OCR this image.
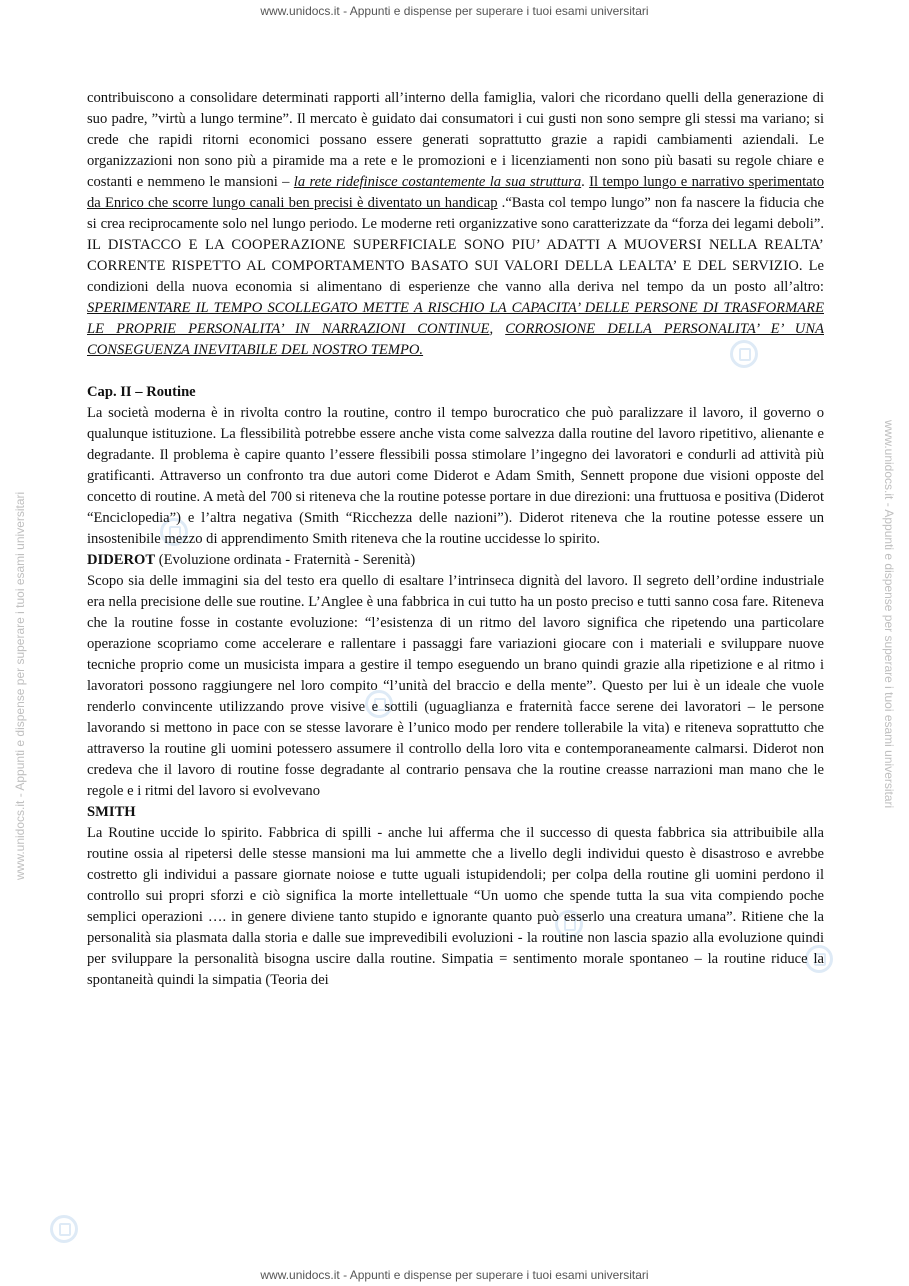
www.unidocs.it - Appunti e dispense per superare i tuoi esami universitari
www.unidocs.it - Appunti e dispense per superare i tuoi esami universitari	www.unidocs.it - Appunti e dispense per superare i tuoi esami universitari

contribuiscono a consolidare determinati rapporti all’interno della famiglia, valori che ricordano quelli della generazione di suo padre, ”virtù a lungo termine”. Il mercato è guidato dai consumatori i cui gusti non sono sempre gli stessi ma variano; si crede che rapidi ritorni economici possano essere generati soprattutto grazie a rapidi cambiamenti aziendali. Le organizzazioni non sono più a piramide ma a rete e le promozioni e i licenziamenti non sono più basati su regole chiare e costanti e nemmeno le mansioni – la rete ridefinisce costantemente la sua struttura. Il tempo lungo e narrativo sperimentato da Enrico che scorre lungo canali ben precisi è diventato un handicap .“Basta col tempo lungo” non fa nascere la fiducia che si crea reciprocamente solo nel lungo periodo. Le moderne reti organizzative sono caratterizzate da “forza dei legami deboli”. IL DISTACCO E LA COOPERAZIONE SUPERFICIALE SONO PIU’ ADATTI A MUOVERSI NELLA REALTA’ CORRENTE RISPETTO AL COMPORTAMENTO BASATO SUI VALORI DELLA LEALTA’ E DEL SERVIZIO. Le condizioni della nuova economia si alimentano di esperienze che vanno alla deriva nel tempo da un posto all’altro: SPERIMENTARE IL TEMPO SCOLLEGATO METTE A RISCHIO LA CAPACITA’ DELLE PERSONE DI TRASFORMARE LE PROPRIE PERSONALITA’ IN NARRAZIONI CONTINUE, CORROSIONE DELLA PERSONALITA’ E’ UNA CONSEGUENZA INEVITABILE DEL NOSTRO TEMPO.

Cap. II – Routine

La società moderna è in rivolta contro la routine, contro il tempo burocratico che può paralizzare il lavoro, il governo o qualunque istituzione. La flessibilità potrebbe essere anche vista come salvezza dalla routine del lavoro ripetitivo, alienante e degradante. Il problema è capire quanto l’essere flessibili possa stimolare l’ingegno dei lavoratori e condurli ad attività più gratificanti. Attraverso un confronto tra due autori come Diderot e Adam Smith, Sennett propone due visioni opposte del concetto di routine. A metà del 700 si riteneva che la routine potesse portare in due direzioni: una fruttuosa e positiva (Diderot “Enciclopedia”) e l’altra negativa (Smith “Ricchezza delle nazioni”). Diderot riteneva che la routine potesse essere un insostenibile mezzo di apprendimento Smith riteneva che la routine uccidesse lo spirito.

DIDEROT (Evoluzione ordinata - Fraternità - Serenità)

Scopo sia delle immagini sia del testo era quello di esaltare l’intrinseca dignità del lavoro. Il segreto dell’ordine industriale era nella precisione delle sue routine. L’Anglee è una fabbrica in cui tutto ha un posto preciso e tutti sanno cosa fare. Riteneva che la routine fosse in costante evoluzione: “l’esistenza di un ritmo del lavoro significa che ripetendo una particolare operazione scopriamo come accelerare e rallentare i passaggi fare variazioni giocare con i materiali e sviluppare nuove tecniche proprio come un musicista impara a gestire il tempo eseguendo un brano quindi grazie alla ripetizione e al ritmo i lavoratori possono raggiungere nel loro compito “l’unità del braccio e della mente”. Questo per lui è un ideale che vuole renderlo convincente utilizzando prove visive e sottili (uguaglianza e fraternità facce serene dei lavoratori – le persone lavorando si mettono in pace con se stesse lavorare è l’unico modo per rendere tollerabile la vita) e riteneva soprattutto che attraverso la routine gli uomini potessero assumere il controllo della loro vita e contemporaneamente calmarsi. Diderot non credeva che il lavoro di routine fosse degradante al contrario pensava che la routine creasse narrazioni man mano che le regole e i ritmi del lavoro si evolvevano

SMITH

La Routine uccide lo spirito. Fabbrica di spilli - anche lui afferma che il successo di questa fabbrica sia attribuibile alla routine ossia al ripetersi delle stesse mansioni ma lui ammette che a livello degli individui questo è disastroso e avrebbe costretto gli individui a passare giornate noiose e tutte uguali istupidendoli; per colpa della routine gli uomini perdono il controllo sui propri sforzi e ciò significa la morte intellettuale “Un uomo che spende tutta la sua vita compiendo poche semplici operazioni …. in genere diviene tanto stupido e ignorante quanto può esserlo una creatura umana”. Ritiene che la personalità sia plasmata dalla storia e dalle sue imprevedibili evoluzioni - la routine non lascia spazio alla evoluzione quindi per sviluppare la personalità bisogna uscire dalla routine. Simpatia = sentimento morale spontaneo – la routine riduce la spontaneità quindi la simpatia (Teoria dei

www.unidocs.it - Appunti e dispense per superare i tuoi esami universitari
